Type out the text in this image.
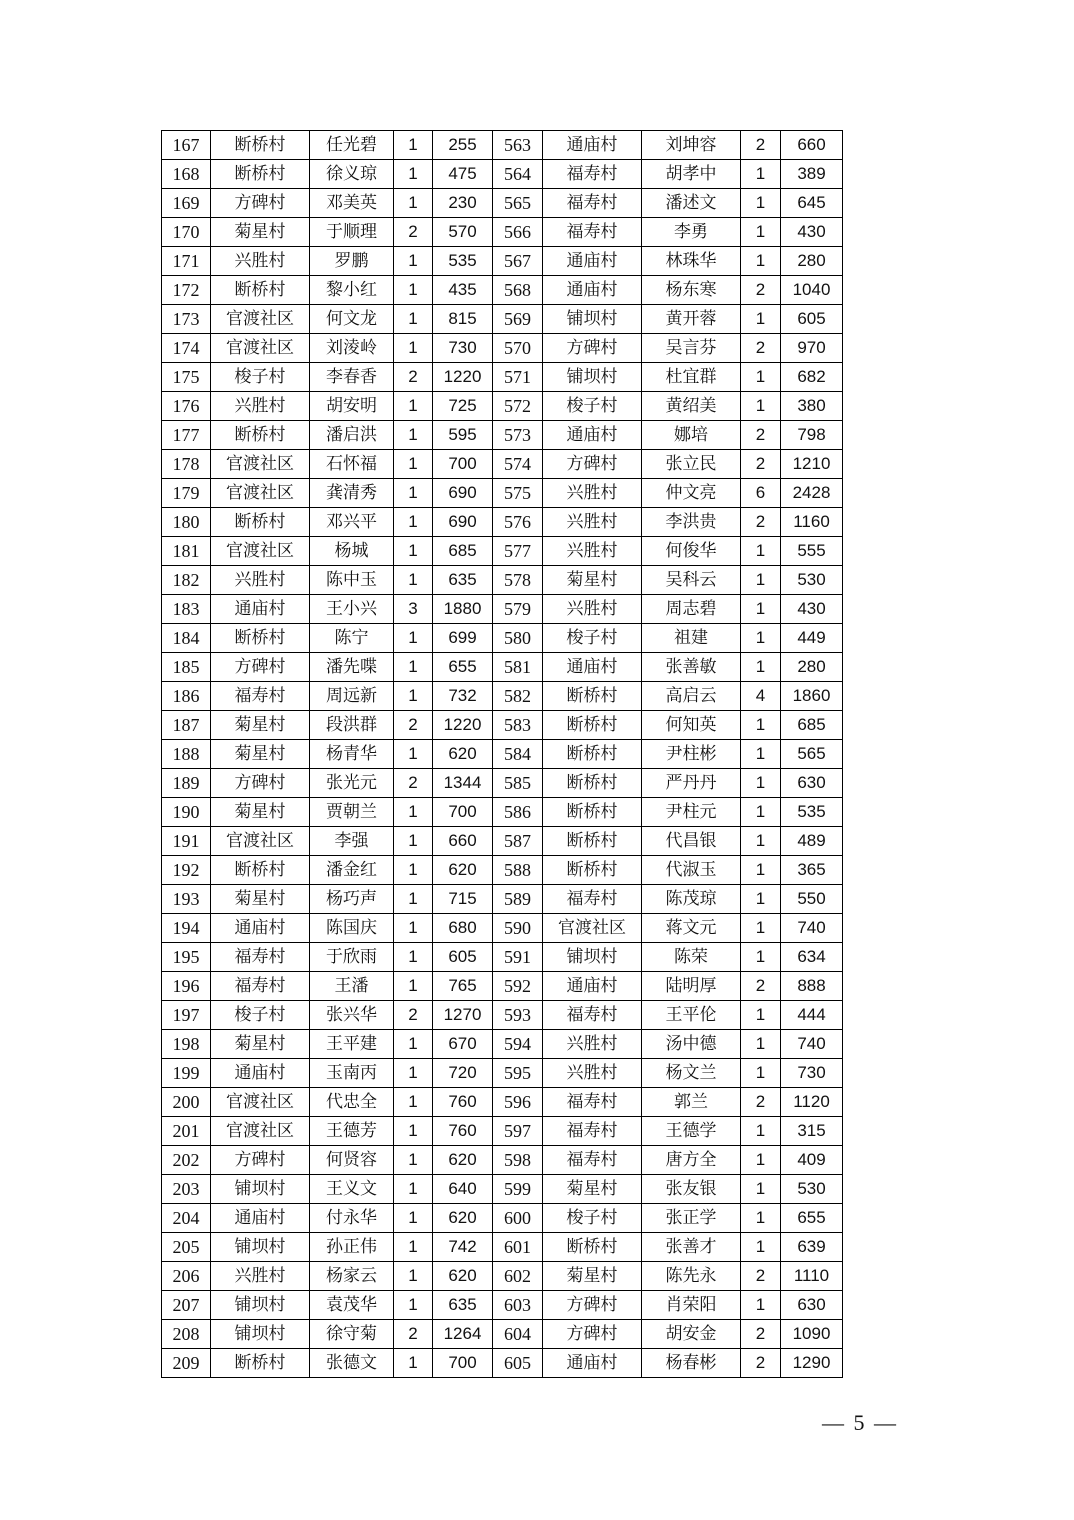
167	断桥村	任光碧	1	255	563	通庙村	刘坤容	2	660
168	断桥村	徐义琼	1	475	564	福寿村	胡孝中	1	389
169	方碑村	邓美英	1	230	565	福寿村	潘述文	1	645
170	菊星村	于顺理	2	570	566	福寿村	李勇	1	430
171	兴胜村	罗鹏	1	535	567	通庙村	林珠华	1	280
172	断桥村	黎小红	1	435	568	通庙村	杨东寒	2	1040
173	官渡社区	何文龙	1	815	569	铺坝村	黄开蓉	1	605
174	官渡社区	刘淩岭	1	730	570	方碑村	吴言芬	2	970
175	梭子村	李春香	2	1220	571	铺坝村	杜宜群	1	682
176	兴胜村	胡安明	1	725	572	梭子村	黄绍美	1	380
177	断桥村	潘启洪	1	595	573	通庙村	娜培	2	798
178	官渡社区	石怀福	1	700	574	方碑村	张立民	2	1210
179	官渡社区	龚清秀	1	690	575	兴胜村	仲文亮	6	2428
180	断桥村	邓兴平	1	690	576	兴胜村	李洪贵	2	1160
181	官渡社区	杨城	1	685	577	兴胜村	何俊华	1	555
182	兴胜村	陈中玉	1	635	578	菊星村	吴科云	1	530
183	通庙村	王小兴	3	1880	579	兴胜村	周志碧	1	430
184	断桥村	陈宁	1	699	580	梭子村	祖建	1	449
185	方碑村	潘先喋	1	655	581	通庙村	张善敏	1	280
186	福寿村	周远新	1	732	582	断桥村	高启云	4	1860
187	菊星村	段洪群	2	1220	583	断桥村	何知英	1	685
188	菊星村	杨青华	1	620	584	断桥村	尹柱彬	1	565
189	方碑村	张光元	2	1344	585	断桥村	严丹丹	1	630
190	菊星村	贾朝兰	1	700	586	断桥村	尹柱元	1	535
191	官渡社区	李强	1	660	587	断桥村	代昌银	1	489
192	断桥村	潘金红	1	620	588	断桥村	代淑玉	1	365
193	菊星村	杨巧声	1	715	589	福寿村	陈茂琼	1	550
194	通庙村	陈国庆	1	680	590	官渡社区	蒋文元	1	740
195	福寿村	于欣雨	1	605	591	铺坝村	陈荣	1	634
196	福寿村	王潘	1	765	592	通庙村	陆明厚	2	888
197	梭子村	张兴华	2	1270	593	福寿村	王平伦	1	444
198	菊星村	王平建	1	670	594	兴胜村	汤中德	1	740
199	通庙村	玉南丙	1	720	595	兴胜村	杨文兰	1	730
200	官渡社区	代忠全	1	760	596	福寿村	郭兰	2	1120
201	官渡社区	王德芳	1	760	597	福寿村	王德学	1	315
202	方碑村	何贤容	1	620	598	福寿村	唐方全	1	409
203	铺坝村	王义文	1	640	599	菊星村	张友银	1	530
204	通庙村	付永华	1	620	600	梭子村	张正学	1	655
205	铺坝村	孙正伟	1	742	601	断桥村	张善才	1	639
206	兴胜村	杨家云	1	620	602	菊星村	陈先永	2	1110
207	铺坝村	袁茂华	1	635	603	方碑村	肖荣阳	1	630
208	铺坝村	徐守菊	2	1264	604	方碑村	胡安金	2	1090
209	断桥村	张德文	1	700	605	通庙村	杨春彬	2	1290
— 5 —
